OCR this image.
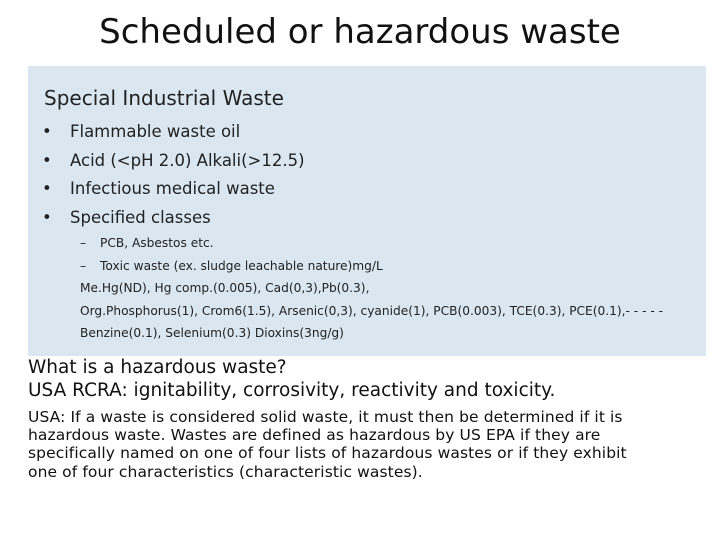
Scheduled or hazardous waste
Special Industrial Waste
• Flammable waste oil
• Acid (<pH 2.0) Alkali(>12.5)
• Infectious medical waste
• Specified classes
– PCB, Asbestos etc.
– Toxic waste (ex. sludge leachable nature)mg/L
Me.Hg(ND), Hg comp.(0.005), Cad(0,3),Pb(0.3),
Org.Phosphorus(1), Crom6(1.5), Arsenic(0,3), cyanide(1), PCB(0.003), TCE(0.3), PCE(0.1),- - - - -
Benzine(0.1), Selenium(0.3) Dioxins(3ng/g)
What is a hazardous waste?
USA RCRA: ignitability, corrosivity, reactivity and toxicity.
USA: If a waste is considered solid waste, it must then be determined if it is
hazardous waste. Wastes are defined as hazardous by US EPA if they are
specifically named on one of four lists of hazardous wastes or if they exhibit
one of four characteristics (characteristic wastes).
